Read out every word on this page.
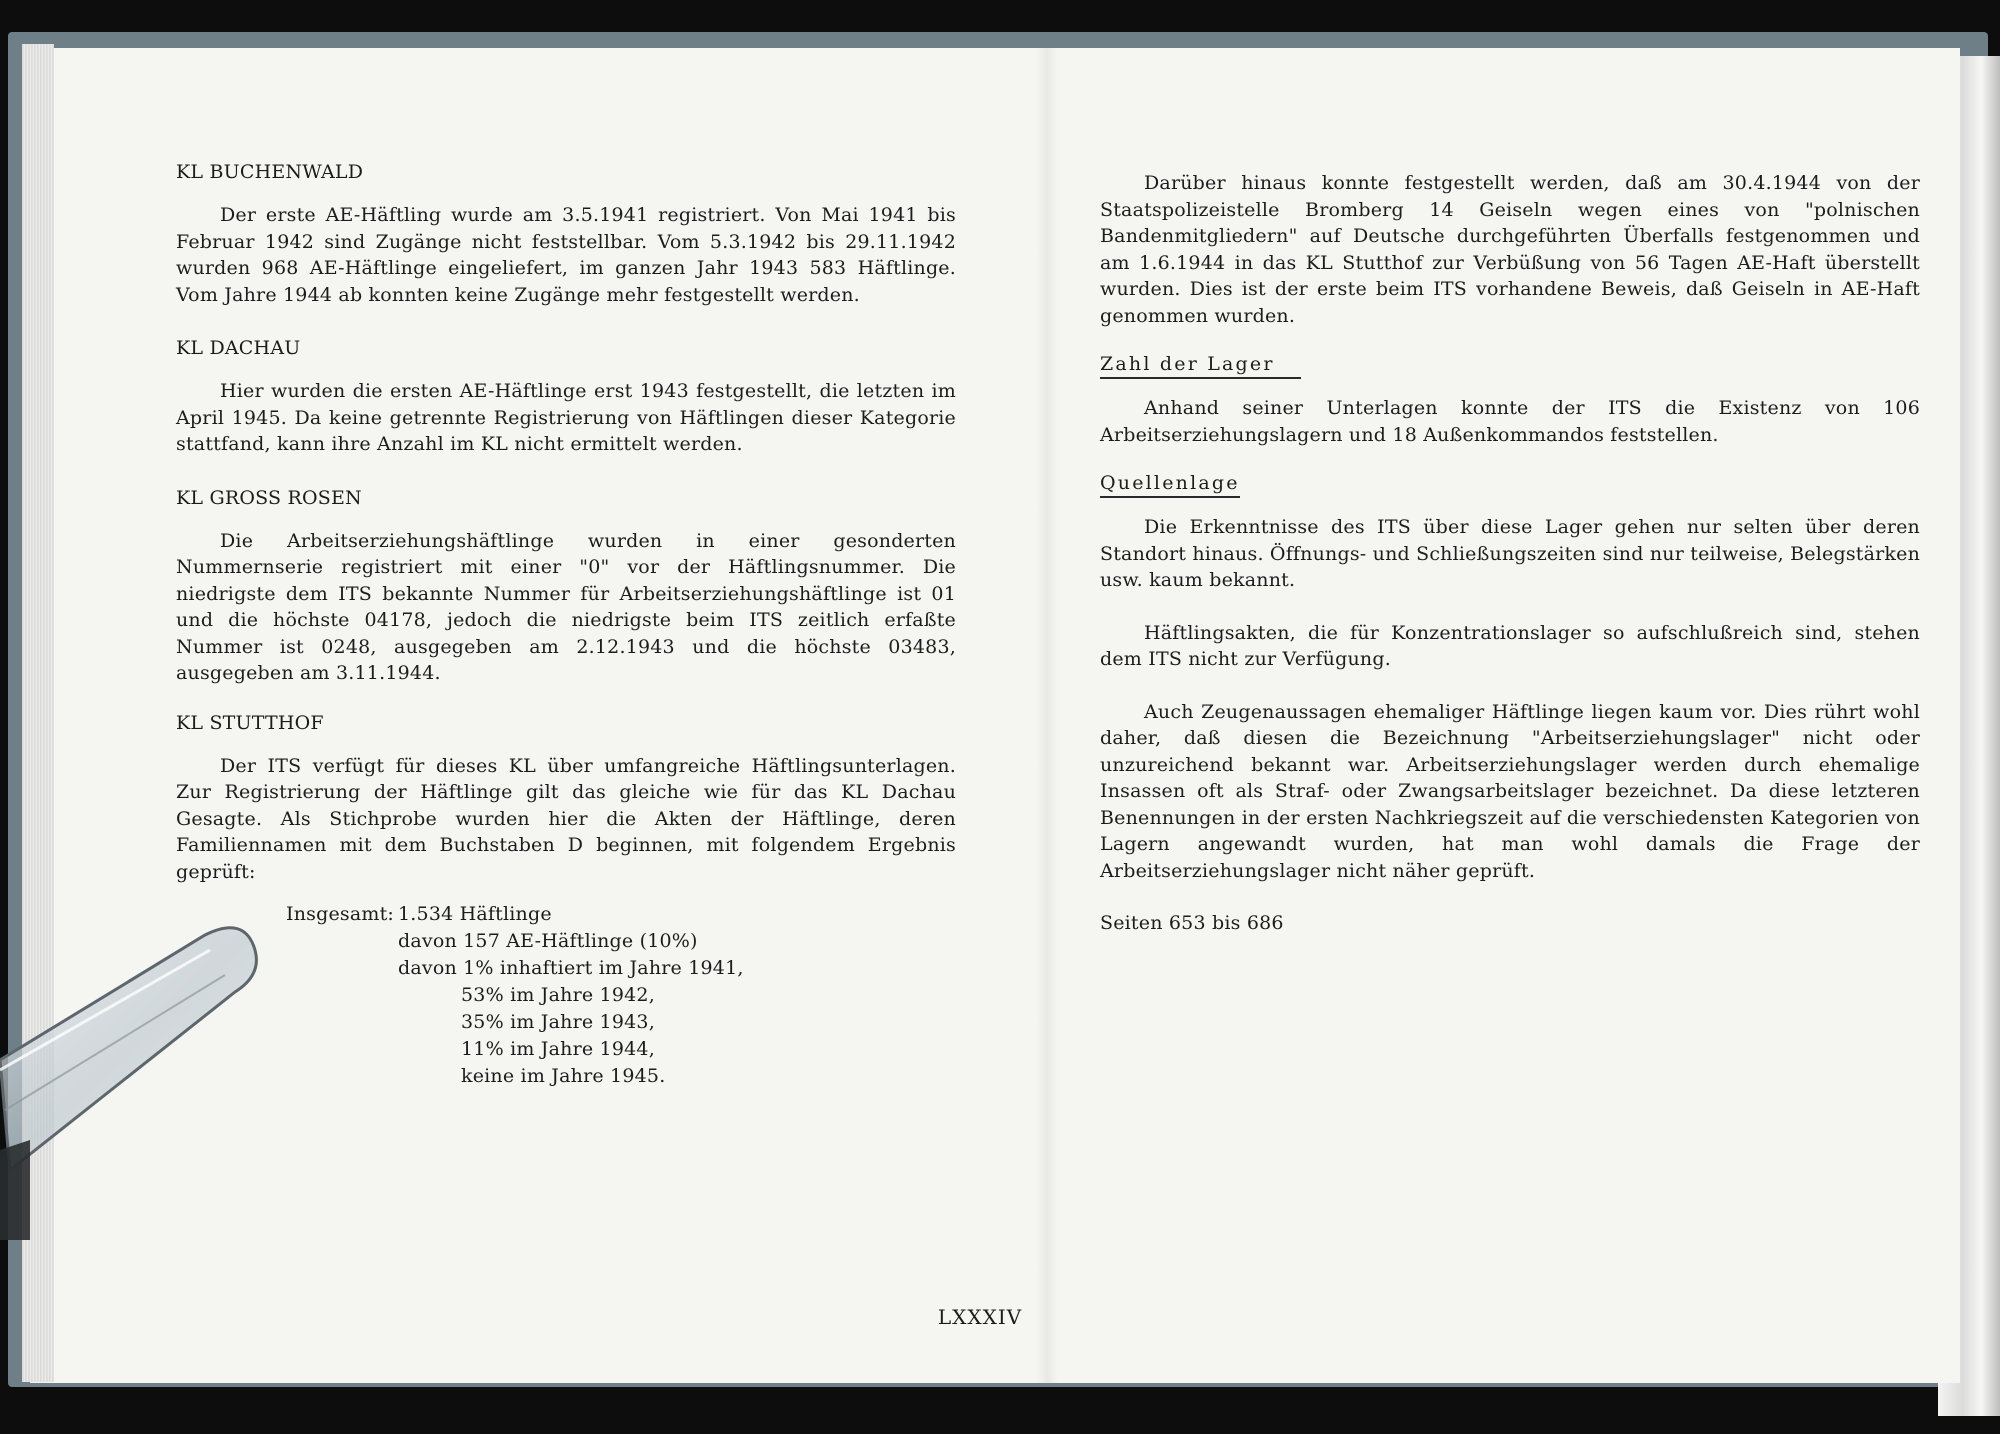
KL BUCHENWALD

Der erste AE-Häftling wurde am 3.5.1941 registriert. Von Mai 1941 bis Februar 1942 sind Zugänge nicht feststellbar. Vom 5.3.1942 bis 29.11.1942 wurden 968 AE-Häftlinge eingeliefert, im ganzen Jahr 1943 583 Häftlinge. Vom Jahre 1944 ab konnten keine Zugänge mehr festgestellt werden.

KL DACHAU

Hier wurden die ersten AE-Häftlinge erst 1943 festgestellt, die letzten im April 1945. Da keine getrennte Registrierung von Häftlingen dieser Kategorie stattfand, kann ihre Anzahl im KL nicht ermittelt werden.

KL GROSS ROSEN

Die Arbeitserziehungshäftlinge wurden in einer gesonderten Nummernserie registriert mit einer "0" vor der Häftlingsnummer. Die niedrigste dem ITS bekannte Nummer für Arbeitserziehungshäftlinge ist 01 und die höchste 04178, jedoch die niedrigste beim ITS zeitlich erfaßte Nummer ist 0248, ausgegeben am 2.12.1943 und die höchste 03483, ausgegeben am 3.11.1944.

KL STUTTHOF

Der ITS verfügt für dieses KL über umfangreiche Häftlingsunterlagen. Zur Registrierung der Häftlinge gilt das gleiche wie für das KL Dachau Gesagte. Als Stichprobe wurden hier die Akten der Häftlinge, deren Familiennamen mit dem Buchstaben D beginnen, mit folgendem Ergebnis geprüft:

Insgesamt: 1.534 Häftlinge
davon 157 AE-Häftlinge (10%)
davon 1% inhaftiert im Jahre 1941,
53% im Jahre 1942,
35% im Jahre 1943,
11% im Jahre 1944,
keine im Jahre 1945.

Darüber hinaus konnte festgestellt werden, daß am 30.4.1944 von der Staatspolizeistelle Bromberg 14 Geiseln wegen eines von "polnischen Bandenmitgliedern" auf Deutsche durchgeführten Überfalls festgenommen und am 1.6.1944 in das KL Stutthof zur Verbüßung von 56 Tagen AE-Haft überstellt wurden. Dies ist der erste beim ITS vorhandene Beweis, daß Geiseln in AE-Haft genommen wurden.

Zahl der Lager

Anhand seiner Unterlagen konnte der ITS die Existenz von 106 Arbeitserziehungslagern und 18 Außenkommandos feststellen.

Quellenlage

Die Erkenntnisse des ITS über diese Lager gehen nur selten über deren Standort hinaus. Öffnungs- und Schließungszeiten sind nur teilweise, Belegstärken usw. kaum bekannt.

Häftlingsakten, die für Konzentrationslager so aufschlußreich sind, stehen dem ITS nicht zur Verfügung.

Auch Zeugenaussagen ehemaliger Häftlinge liegen kaum vor. Dies rührt wohl daher, daß diesen die Bezeichnung "Arbeitserziehungslager" nicht oder unzureichend bekannt war. Arbeitserziehungslager werden durch ehemalige Insassen oft als Straf- oder Zwangsarbeitslager bezeichnet. Da diese letzteren Benennungen in der ersten Nachkriegszeit auf die verschiedensten Kategorien von Lagern angewandt wurden, hat man wohl damals die Frage der Arbeitserziehungslager nicht näher geprüft.

Seiten 653 bis 686

LXXXIV
